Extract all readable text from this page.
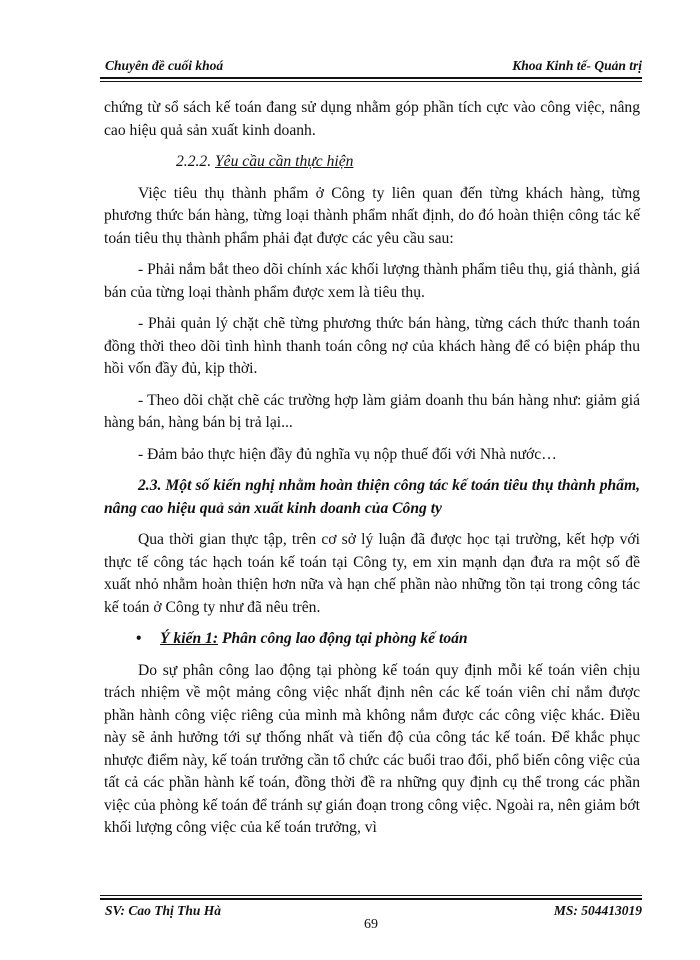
Chuyên đề cuối khoá	Khoa Kinh tế- Quản trị

chứng từ sổ sách kế toán đang sử dụng nhằm góp phần tích cực vào công việc, nâng cao hiệu quả sản xuất kinh doanh.

2.2.2. Yêu cầu cần thực hiện

Việc tiêu thụ thành phẩm ở Công ty liên quan đến từng khách hàng, từng phương thức bán hàng, từng loại thành phẩm nhất định, do đó hoàn thiện công tác kế toán tiêu thụ thành phẩm phải đạt được các yêu cầu sau:

- Phải nắm bắt theo dõi chính xác khối lượng thành phẩm tiêu thụ, giá thành, giá bán của từng loại thành phẩm được xem là tiêu thụ.

- Phải quản lý chặt chẽ từng phương thức bán hàng, từng cách thức thanh toán đồng thời theo dõi tình hình thanh toán công nợ của khách hàng để có biện pháp thu hồi vốn đầy đủ, kịp thời.

- Theo dõi chặt chẽ các trường hợp làm giảm doanh thu bán hàng như: giảm giá hàng bán, hàng bán bị trả lại...

- Đảm bảo thực hiện đầy đủ nghĩa vụ nộp thuế đối với Nhà nước…

2.3. Một số kiến nghị nhằm hoàn thiện công tác kế toán tiêu thụ thành phẩm, nâng cao hiệu quả sản xuất kinh doanh của Công ty

Qua thời gian thực tập, trên cơ sở lý luận đã được học tại trường, kết hợp với thực tế công tác hạch toán kế toán tại Công ty, em xin mạnh dạn đưa ra một số đề xuất nhỏ nhằm hoàn thiện hơn nữa và hạn chế phần nào những tồn tại trong công tác kế toán ở Công ty như đã nêu trên.

• Ý kiến 1: Phân công lao động tại phòng kế toán

Do sự phân công lao động tại phòng kế toán quy định mỗi kế toán viên chịu trách nhiệm về một mảng công việc nhất định nên các kế toán viên chỉ nắm được phần hành công việc riêng của mình mà không nắm được các công việc khác. Điều này sẽ ảnh hưởng tới sự thống nhất và tiến độ của công tác kế toán. Để khắc phục nhược điểm này, kế toán trưởng cần tổ chức các buổi trao đổi, phổ biến công việc của tất cả các phần hành kế toán, đồng thời đề ra những quy định cụ thể trong các phần việc của phòng kế toán để tránh sự gián đoạn trong công việc. Ngoài ra, nên giảm bớt khối lượng công việc của kế toán trưởng, vì

SV: Cao Thị Thu Hà	MS: 504413019
69
